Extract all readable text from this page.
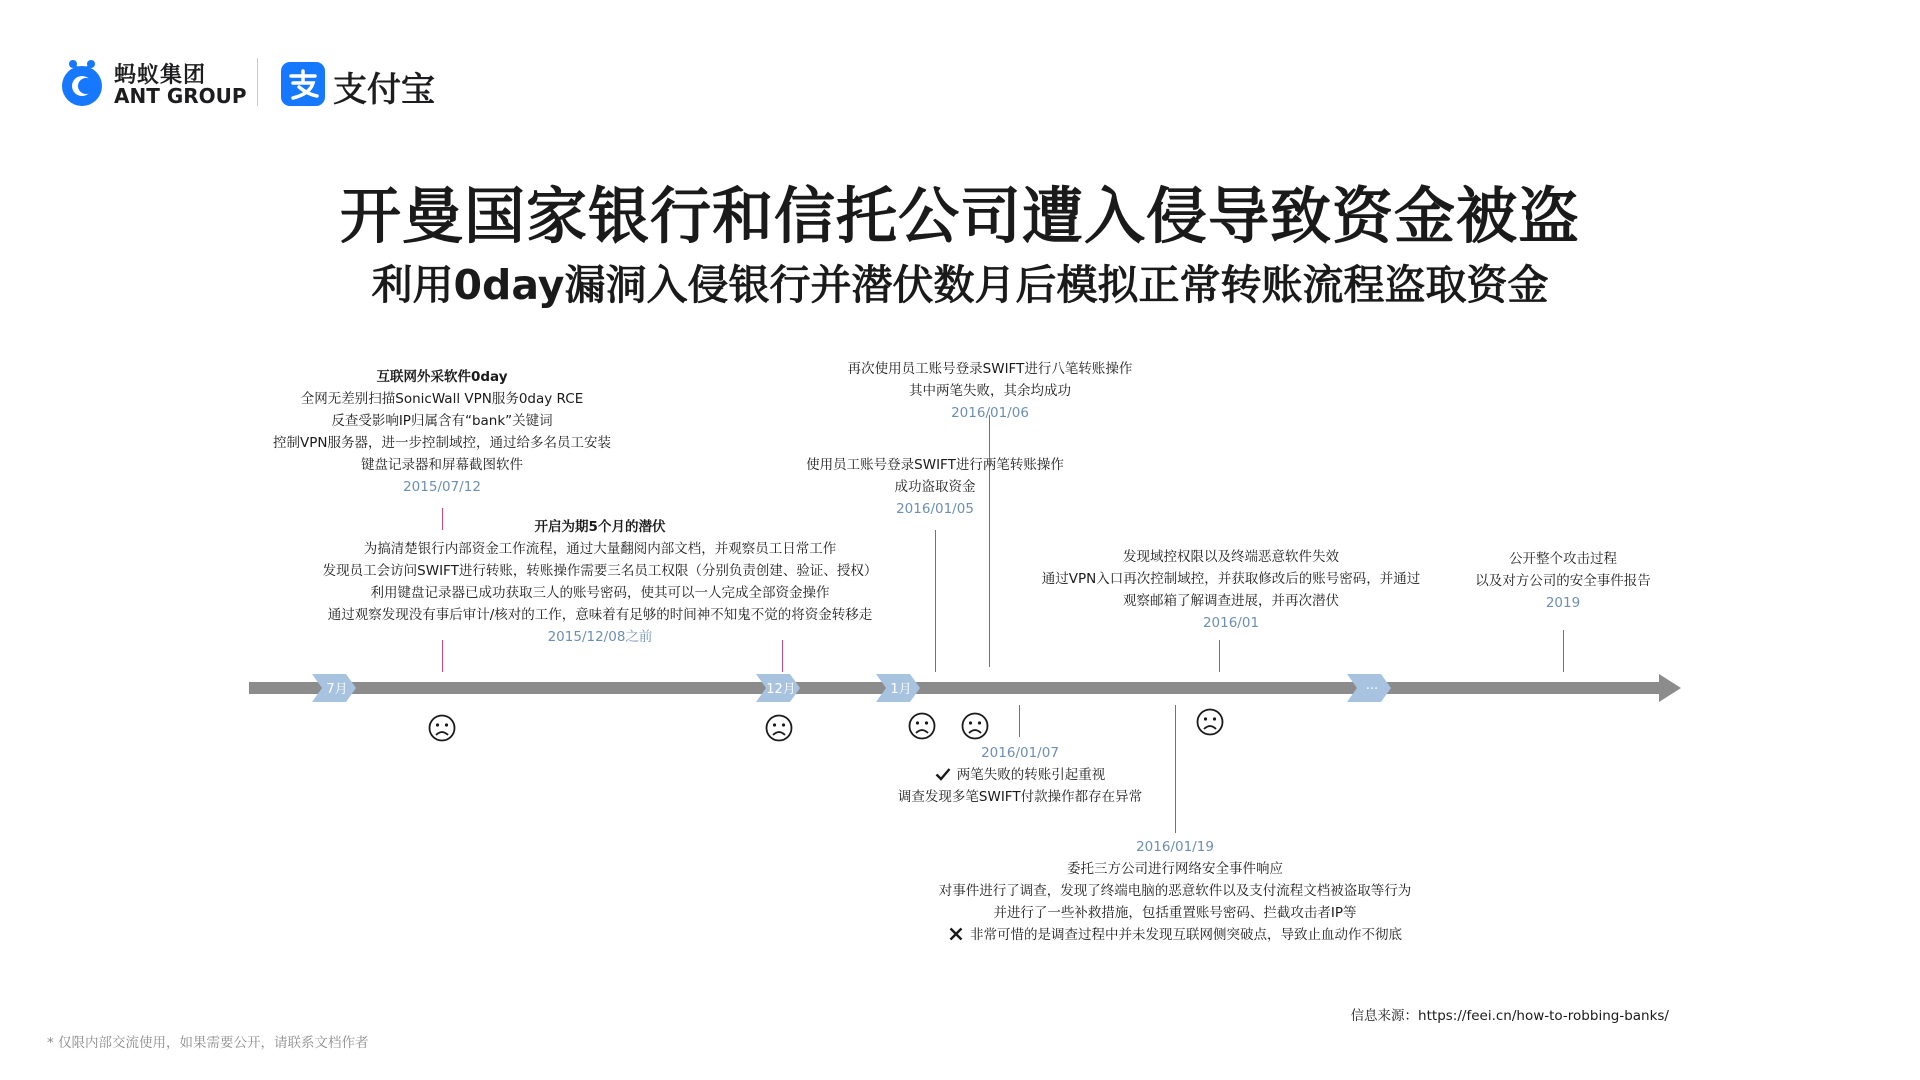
蚂蚁集团
ANT GROUP	支付宝
开曼国家银行和信托公司遭入侵导致资金被盗
利用0day漏洞入侵银行并潜伏数月后模拟正常转账流程盗取资金
7月	12月	1月	...
互联网外采软件0day
全网无差别扫描SonicWall VPN服务0day RCE
反查受影响IP归属含有“bank”关键词
控制VPN服务器，进一步控制域控，通过给多名员工安装
键盘记录器和屏幕截图软件
2015/07/12
开启为期5个月的潜伏
为搞清楚银行内部资金工作流程，通过大量翻阅内部文档，并观察员工日常工作
发现员工会访问SWIFT进行转账，转账操作需要三名员工权限（分别负责创建、验证、授权）
利用键盘记录器已成功获取三人的账号密码，使其可以一人完成全部资金操作
通过观察发现没有事后审计/核对的工作，意味着有足够的时间神不知鬼不觉的将资金转移走
2015/12/08之前
再次使用员工账号登录SWIFT进行八笔转账操作
其中两笔失败，其余均成功
2016/01/06
使用员工账号登录SWIFT进行两笔转账操作
成功盗取资金
2016/01/05
发现域控权限以及终端恶意软件失效
通过VPN入口再次控制域控，并获取修改后的账号密码，并通过
观察邮箱了解调查进展，并再次潜伏
2016/01
公开整个攻击过程
以及对方公司的安全事件报告
2019
2016/01/07
两笔失败的转账引起重视
调查发现多笔SWIFT付款操作都存在异常
2016/01/19
委托三方公司进行网络安全事件响应
对事件进行了调查，发现了终端电脑的恶意软件以及支付流程文档被盗取等行为
并进行了一些补救措施，包括重置账号密码、拦截攻击者IP等
非常可惜的是调查过程中并未发现互联网侧突破点，导致止血动作不彻底
信息来源：https://feei.cn/how-to-robbing-banks/
* 仅限内部交流使用，如果需要公开，请联系文档作者
